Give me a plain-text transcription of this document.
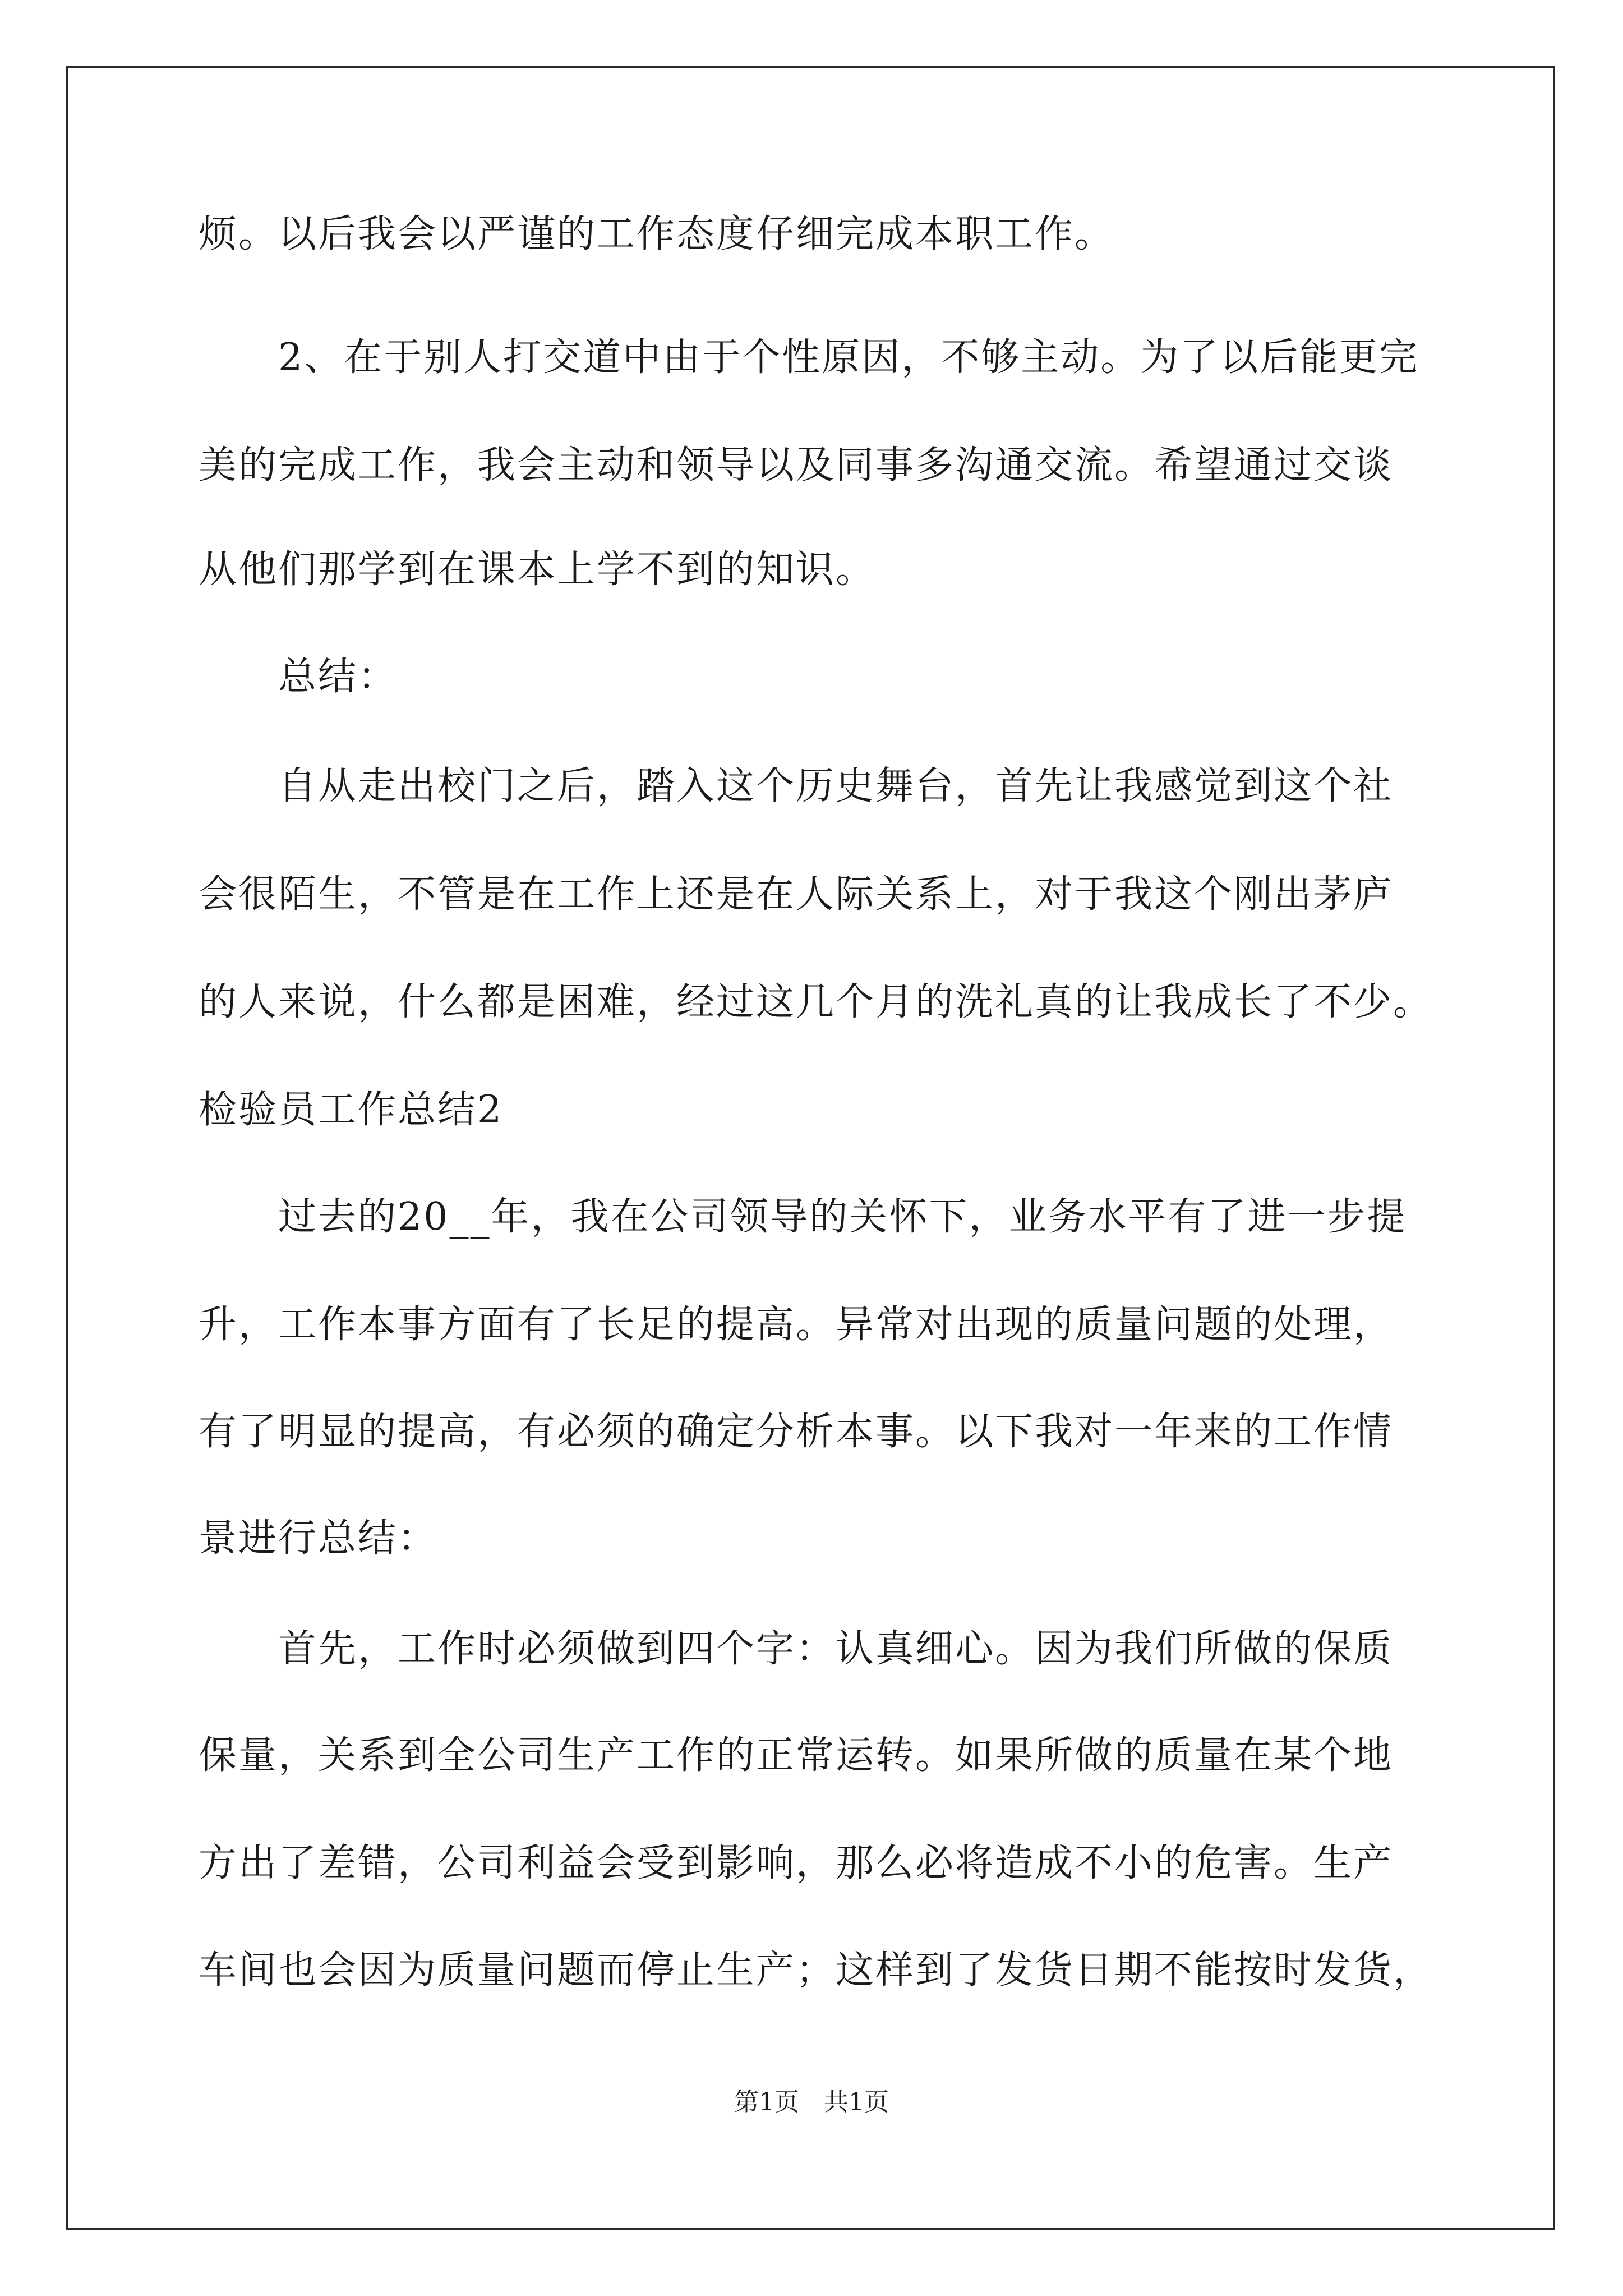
烦。以后我会以严谨的工作态度仔细完成本职工作。
　　2、在于别人打交道中由于个性原因，不够主动。为了以后能更完
美的完成工作，我会主动和领导以及同事多沟通交流。希望通过交谈
从他们那学到在课本上学不到的知识。
　　总结：
　　自从走出校门之后，踏入这个历史舞台，首先让我感觉到这个社
会很陌生，不管是在工作上还是在人际关系上，对于我这个刚出茅庐
的人来说，什么都是困难，经过这几个月的洗礼真的让我成长了不少。
检验员工作总结2
　　过去的20__年，我在公司领导的关怀下，业务水平有了进一步提
升，工作本事方面有了长足的提高。异常对出现的质量问题的处理，
有了明显的提高，有必须的确定分析本事。以下我对一年来的工作情
景进行总结：
　　首先，工作时必须做到四个字：认真细心。因为我们所做的保质
保量，关系到全公司生产工作的正常运转。如果所做的质量在某个地
方出了差错，公司利益会受到影响，那么必将造成不小的危害。生产
车间也会因为质量问题而停止生产；这样到了发货日期不能按时发货，
第1页　共1页
